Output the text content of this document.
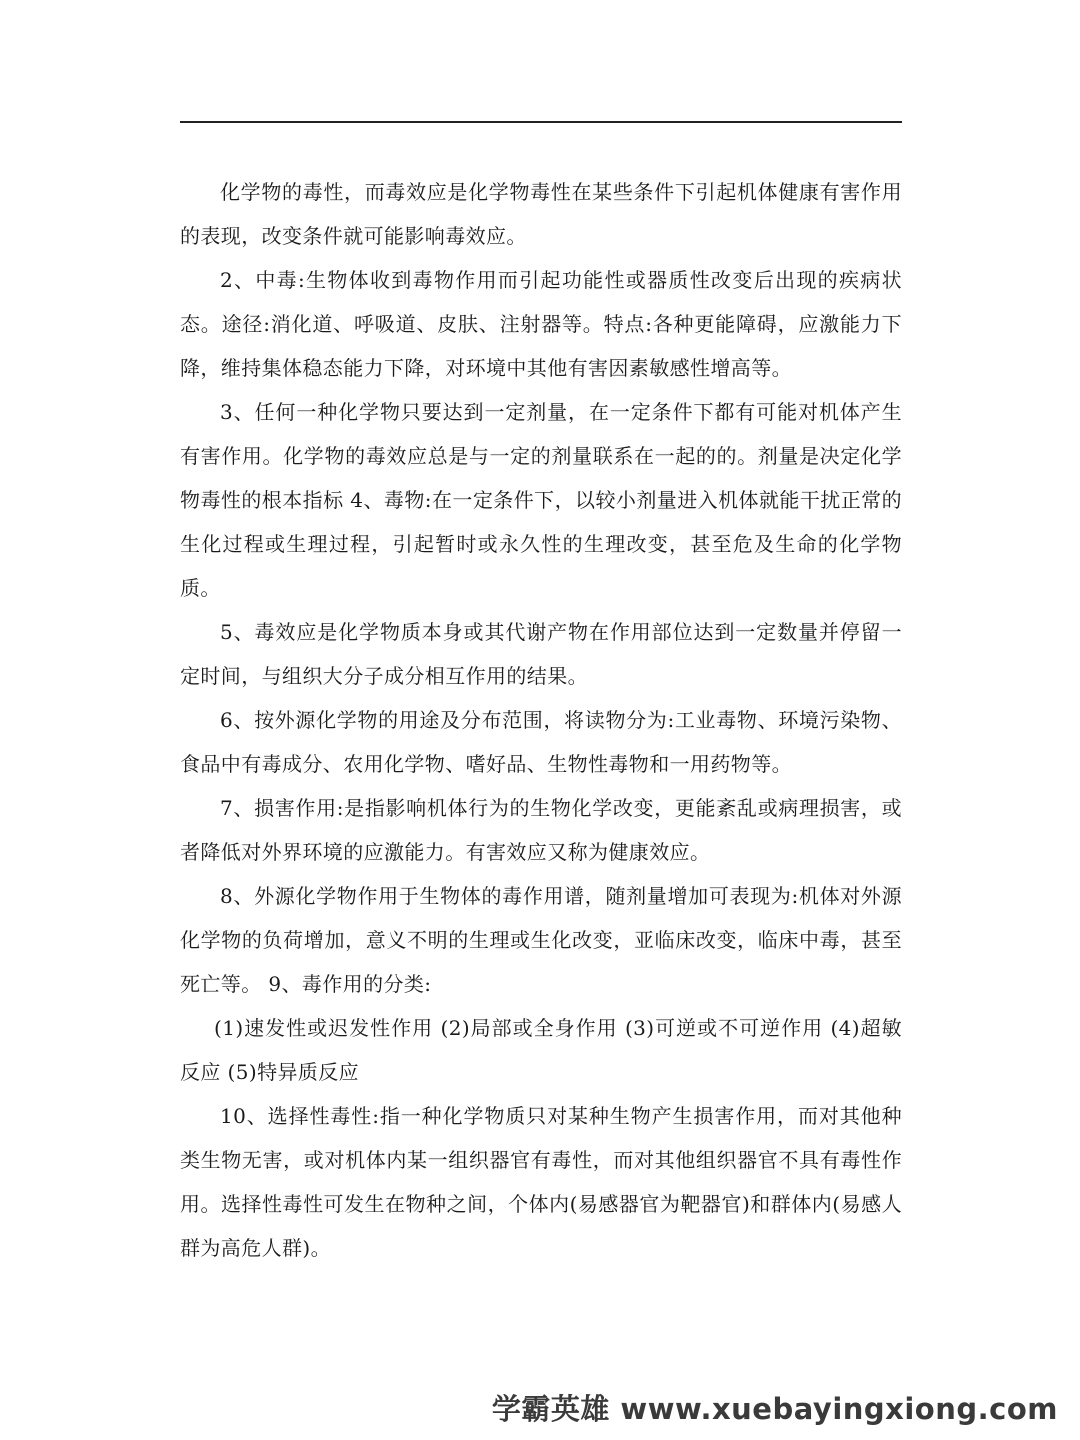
化学物的毒性，而毒效应是化学物毒性在某些条件下引起机体健康有害作用的表现，改变条件就可能影响毒效应。

2、中毒:生物体收到毒物作用而引起功能性或器质性改变后出现的疾病状态。途径:消化道、呼吸道、皮肤、注射器等。特点:各种更能障碍，应激能力下降，维持集体稳态能力下降，对环境中其他有害因素敏感性增高等。

3、任何一种化学物只要达到一定剂量，在一定条件下都有可能对机体产生有害作用。化学物的毒效应总是与一定的剂量联系在一起的的。剂量是决定化学物毒性的根本指标 4、毒物:在一定条件下，以较小剂量进入机体就能干扰正常的生化过程或生理过程，引起暂时或永久性的生理改变，甚至危及生命的化学物质。

5、毒效应是化学物质本身或其代谢产物在作用部位达到一定数量并停留一定时间，与组织大分子成分相互作用的结果。

6、按外源化学物的用途及分布范围，将读物分为:工业毒物、环境污染物、食品中有毒成分、农用化学物、嗜好品、生物性毒物和一用药物等。

7、损害作用:是指影响机体行为的生物化学改变，更能紊乱或病理损害，或者降低对外界环境的应激能力。有害效应又称为健康效应。

8、外源化学物作用于生物体的毒作用谱，随剂量增加可表现为:机体对外源化学物的负荷增加，意义不明的生理或生化改变，亚临床改变，临床中毒，甚至死亡等。 9、毒作用的分类:

(1)速发性或迟发性作用 (2)局部或全身作用 (3)可逆或不可逆作用 (4)超敏反应 (5)特异质反应

10、选择性毒性:指一种化学物质只对某种生物产生损害作用，而对其他种类生物无害，或对机体内某一组织器官有毒性，而对其他组织器官不具有毒性作用。选择性毒性可发生在物种之间，个体内(易感器官为靶器官)和群体内(易感人群为高危人群)。

学霸英雄 www.xuebayingxiong.com
